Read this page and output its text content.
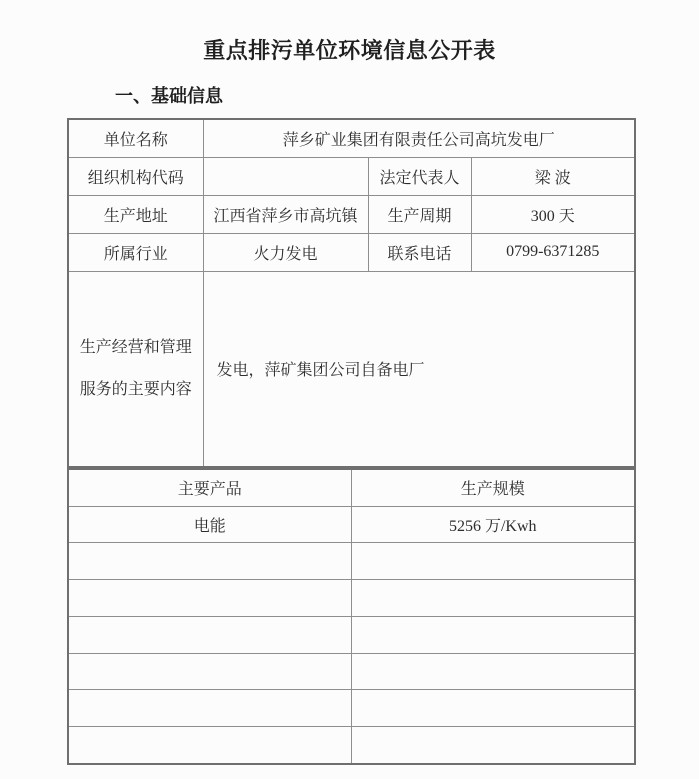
重点排污单位环境信息公开表
一、基础信息
单位名称	萍乡矿业集团有限责任公司高坑发电厂		
组织机构代码		法定代表人	梁 波
生产地址	江西省萍乡市高坑镇	生产周期	300 天
所属行业	火力发电	联系电话	0799-6371285

生产经营和管理
服务的主要内容	发电，萍矿集团公司自备电厂		
主要产品	生产规模
电能	5256 万/Kwh
